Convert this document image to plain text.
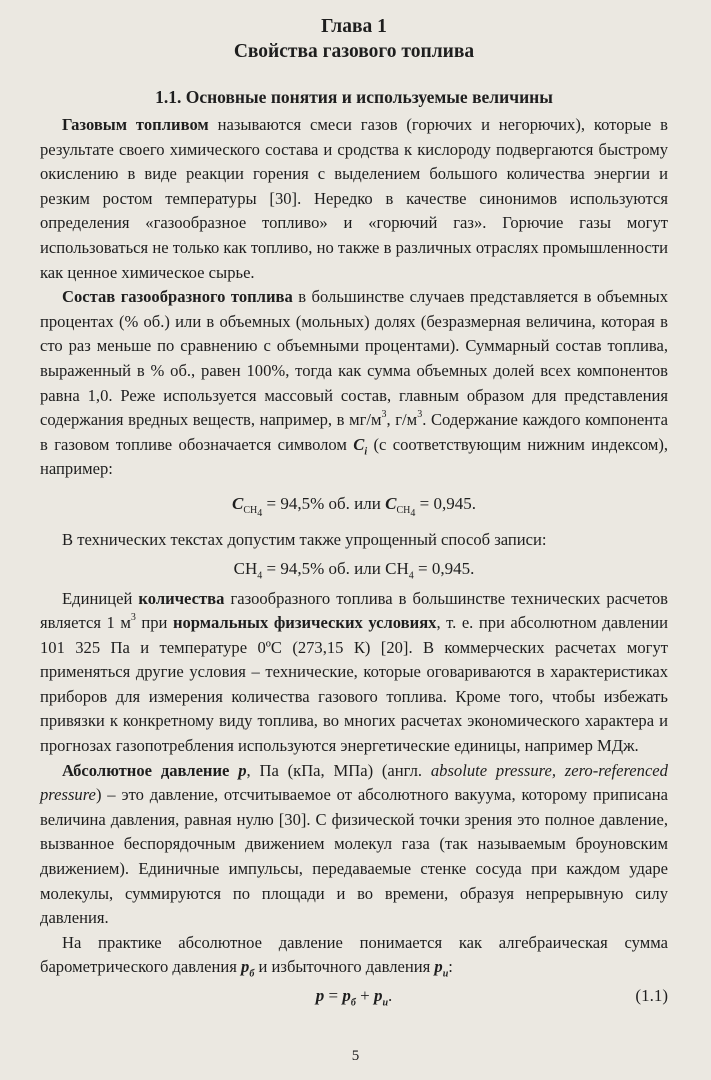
Глава 1
Свойства газового топлива
1.1. Основные понятия и используемые величины

Газовым топливом называются смеси газов (горючих и негорючих), которые в результате своего химического состава и сродства к кислороду подвергаются быстрому окислению в виде реакции горения с выделением большого количества энергии и резким ростом температуры [30]. Нередко в качестве синонимов используются определения «газообразное топливо» и «горючий газ». Горючие газы могут использоваться не только как топливо, но также в различных отраслях промышленности как ценное химическое сырье.

Состав газообразного топлива в большинстве случаев представляется в объемных процентах (% об.) или в объемных (мольных) долях (безразмерная величина, которая в сто раз меньше по сравнению с объемными процентами). Суммарный состав топлива, выраженный в % об., равен 100%, тогда как сумма объемных долей всех компонентов равна 1,0. Реже используется массовый состав, главным образом для представления содержания вредных веществ, например, в $мг/м^3$, $г/м^3$. Содержание каждого компонента в газовом топливе обозначается символом $C_i$ (с соответствующим нижним индексом), например:

$C_{CH_4} = 94,5\%$ об. или $C_{CH_4} = 0,945$.

В технических текстах допустим также упрощенный способ записи:

$CH_4 = 94,5\%$ об. или $CH_4 = 0,945$.

Единицей количества газообразного топлива в большинстве технических расчетов является 1 $м^3$ при нормальных физических условиях, т. е. при абсолютном давлении 101 325 Па и температуре 0ºС (273,15 К) [20]. В коммерческих расчетах могут применяться другие условия – технические, которые оговариваются в характеристиках приборов для измерения количества газового топлива. Кроме того, чтобы избежать привязки к конкретному виду топлива, во многих расчетах экономического характера и прогнозах газопотребления используются энергетические единицы, например МДж.

Абсолютное давление p, Па (кПа, МПа) (англ. absolute pressure, zero-referenced pressure) – это давление, отсчитываемое от абсолютного вакуума, которому приписана величина давления, равная нулю [30]. С физической точки зрения это полное давление, вызванное беспорядочным движением молекул газа (так называемым броуновским движением). Единичные импульсы, передаваемые стенке сосуда при каждом ударе молекулы, суммируются по площади и во времени, образуя непрерывную силу давления.

На практике абсолютное давление понимается как алгебраическая сумма барометрического давления $p_б$ и избыточного давления $p_и$:

$p = p_б + p_и$.	(1.1)
5
